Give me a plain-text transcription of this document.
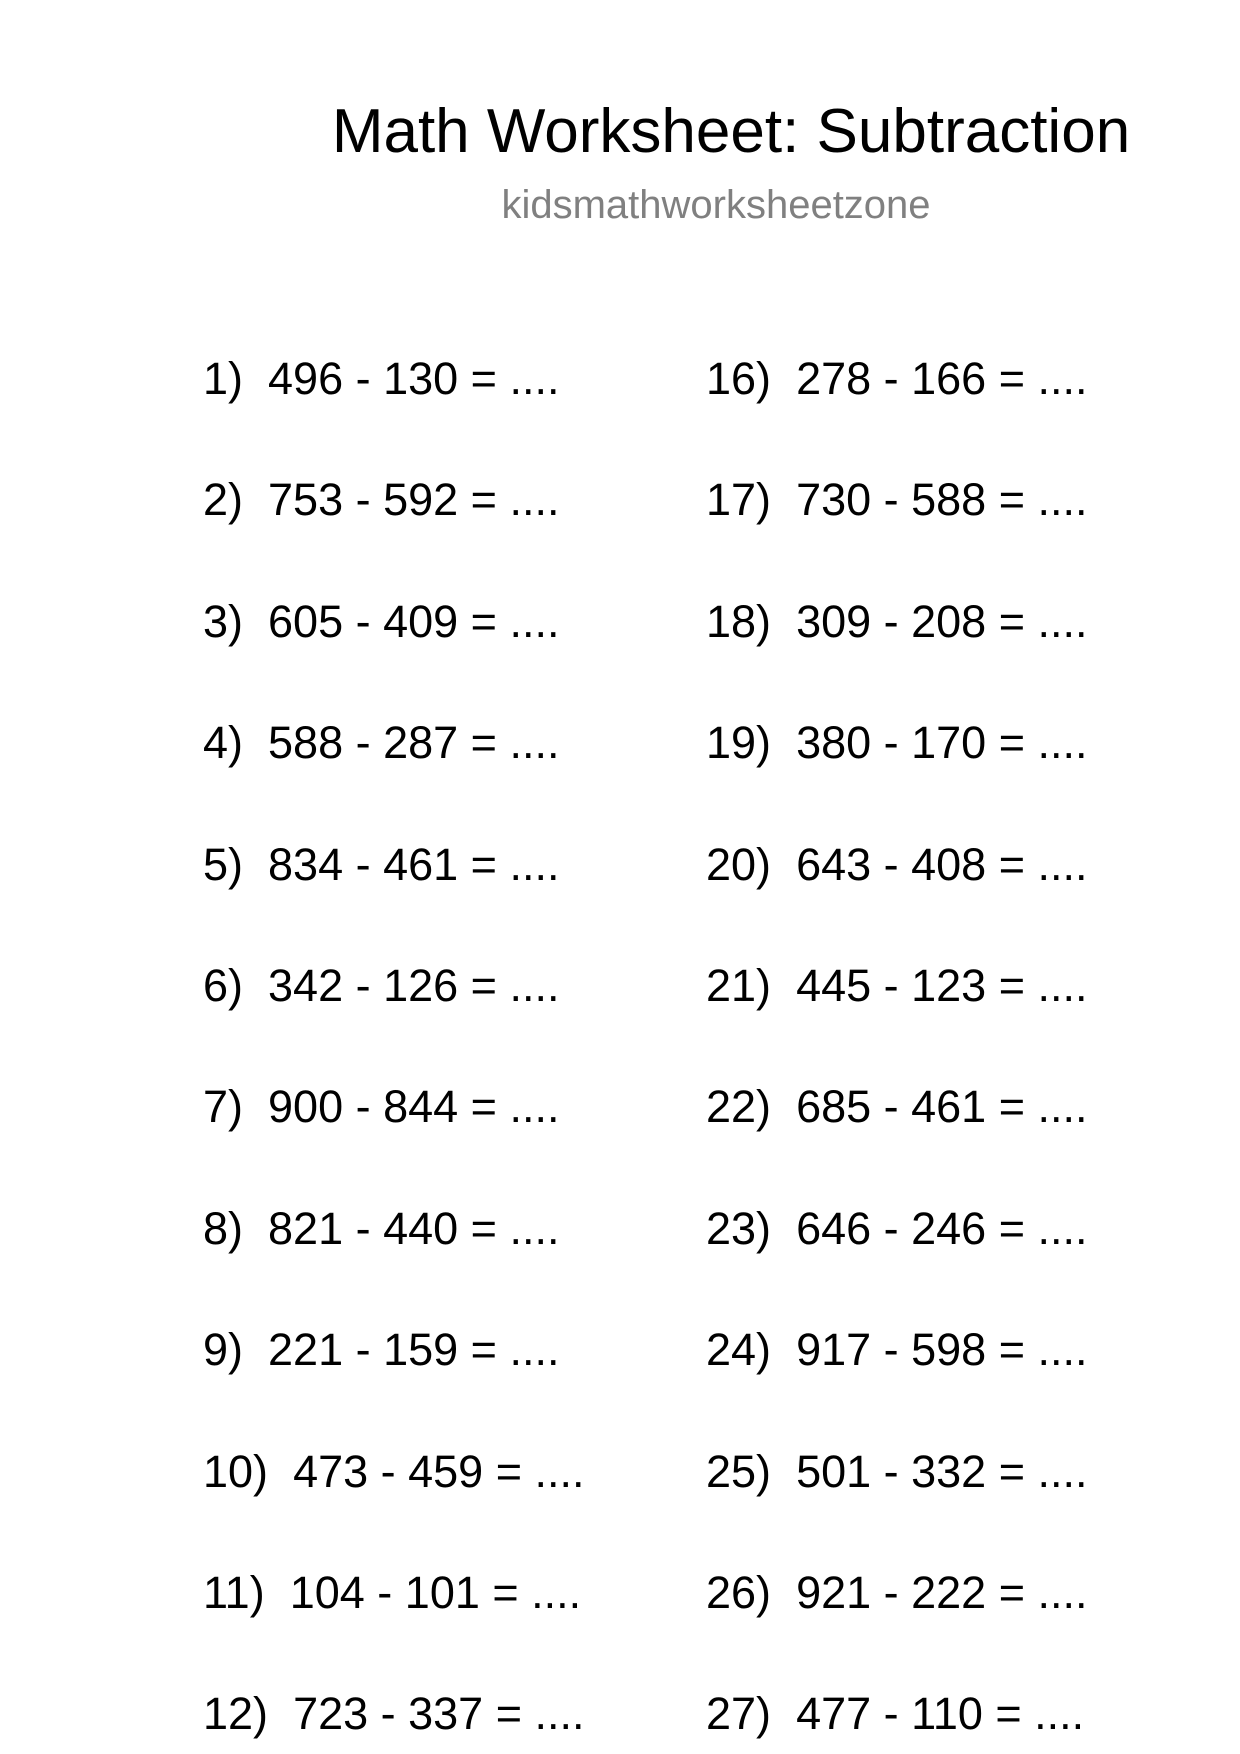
Math Worksheet: Subtraction
kidsmathworksheetzone
1) 496 - 130 = ....
2) 753 - 592 = ....
3) 605 - 409 = ....
4) 588 - 287 = ....
5) 834 - 461 = ....
6) 342 - 126 = ....
7) 900 - 844 = ....
8) 821 - 440 = ....
9) 221 - 159 = ....
10) 473 - 459 = ....
11) 104 - 101 = ....
12) 723 - 337 = ....
16) 278 - 166 = ....
17) 730 - 588 = ....
18) 309 - 208 = ....
19) 380 - 170 = ....
20) 643 - 408 = ....
21) 445 - 123 = ....
22) 685 - 461 = ....
23) 646 - 246 = ....
24) 917 - 598 = ....
25) 501 - 332 = ....
26) 921 - 222 = ....
27) 477 - 110 = ....
